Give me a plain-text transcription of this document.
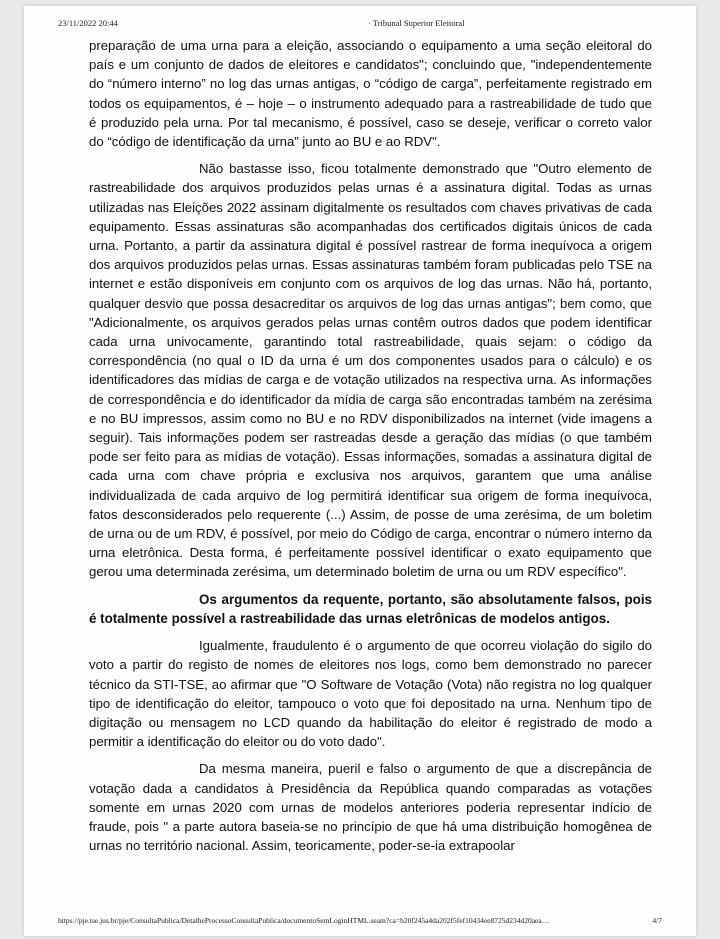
23/11/2022 20:44	· Tribunal Superior Eleitoral

preparação de uma urna para a eleição, associando o equipamento a uma seção eleitoral do país e um conjunto de dados de eleitores e candidatos"; concluindo que, "independentemente do “número interno” no log das urnas antigas, o “código de carga”, perfeitamente registrado em todos os equipamentos, é – hoje – o instrumento adequado para a rastreabilidade de tudo que é produzido pela urna. Por tal mecanismo, é possível, caso se deseje, verificar o correto valor do “código de identificação da urna” junto ao BU e ao RDV".

Não bastasse isso, ficou totalmente demonstrado que "Outro elemento de rastreabilidade dos arquivos produzidos pelas urnas é a assinatura digital. Todas as urnas utilizadas nas Eleições 2022 assinam digitalmente os resultados com chaves privativas de cada equipamento. Essas assinaturas são acompanhadas dos certificados digitais únicos de cada urna. Portanto, a partir da assinatura digital é possível rastrear de forma inequívoca a origem dos arquivos produzidos pelas urnas. Essas assinaturas também foram publicadas pelo TSE na internet e estão disponíveis em conjunto com os arquivos de log das urnas. Não há, portanto, qualquer desvio que possa desacreditar os arquivos de log das urnas antigas"; bem como, que "Adicionalmente, os arquivos gerados pelas urnas contêm outros dados que podem identificar cada urna univocamente, garantindo total rastreabilidade, quais sejam: o código da correspondência (no qual o ID da urna é um dos componentes usados para o cálculo) e os identificadores das mídias de carga e de votação utilizados na respectiva urna. As informações de correspondência e do identificador da mídia de carga são encontradas também na zerésima e no BU impressos, assim como no BU e no RDV disponibilizados na internet (vide imagens a seguir). Tais informações podem ser rastreadas desde a geração das mídias (o que também pode ser feito para as mídias de votação). Essas informações, somadas a assinatura digital de cada urna com chave própria e exclusiva nos arquivos, garantem que uma análise individualizada de cada arquivo de log permitirá identificar sua origem de forma inequívoca, fatos desconsiderados pelo requerente (...) Assim, de posse de uma zerésima, de um boletim de urna ou de um RDV, é possível, por meio do Código de carga, encontrar o número interno da urna eletrônica. Desta forma, é perfeitamente possível identificar o exato equipamento que gerou uma determinada zerésima, um determinado boletim de urna ou um RDV específico".

Os argumentos da requente, portanto, são absolutamente falsos, pois é totalmente possível a rastreabilidade das urnas eletrônicas de modelos antigos.

Igualmente, fraudulento é o argumento de que ocorreu violação do sigilo do voto a partir do registo de nomes de eleitores nos logs, como bem demonstrado no parecer técnico da STI-TSE, ao afirmar que "O Software de Votação (Vota) não registra no log qualquer tipo de identificação do eleitor, tampouco o voto que foi depositado na urna. Nenhum tipo de digitação ou mensagem no LCD quando da habilitação do eleitor é registrado de modo a permitir a identificação do eleitor ou do voto dado".

Da mesma maneira, pueril e falso o argumento de que a discrepância de votação dada a candidatos à Presidência da República quando comparadas as votações somente em urnas 2020 com urnas de modelos anteriores poderia representar indício de fraude, pois " a parte autora baseia-se no princípio de que há uma distribuição homogênea de urnas no território nacional. Assim, teoricamente, poder-se-ia extrapoolar

https://pje.tse.jus.br/pje/ConsultaPublica/DetalheProcessoConsultaPublica/documentoSemLoginHTML.seam?ca=b20f245a4da202f5fef10434ee8725d234d20aea…	4/7
